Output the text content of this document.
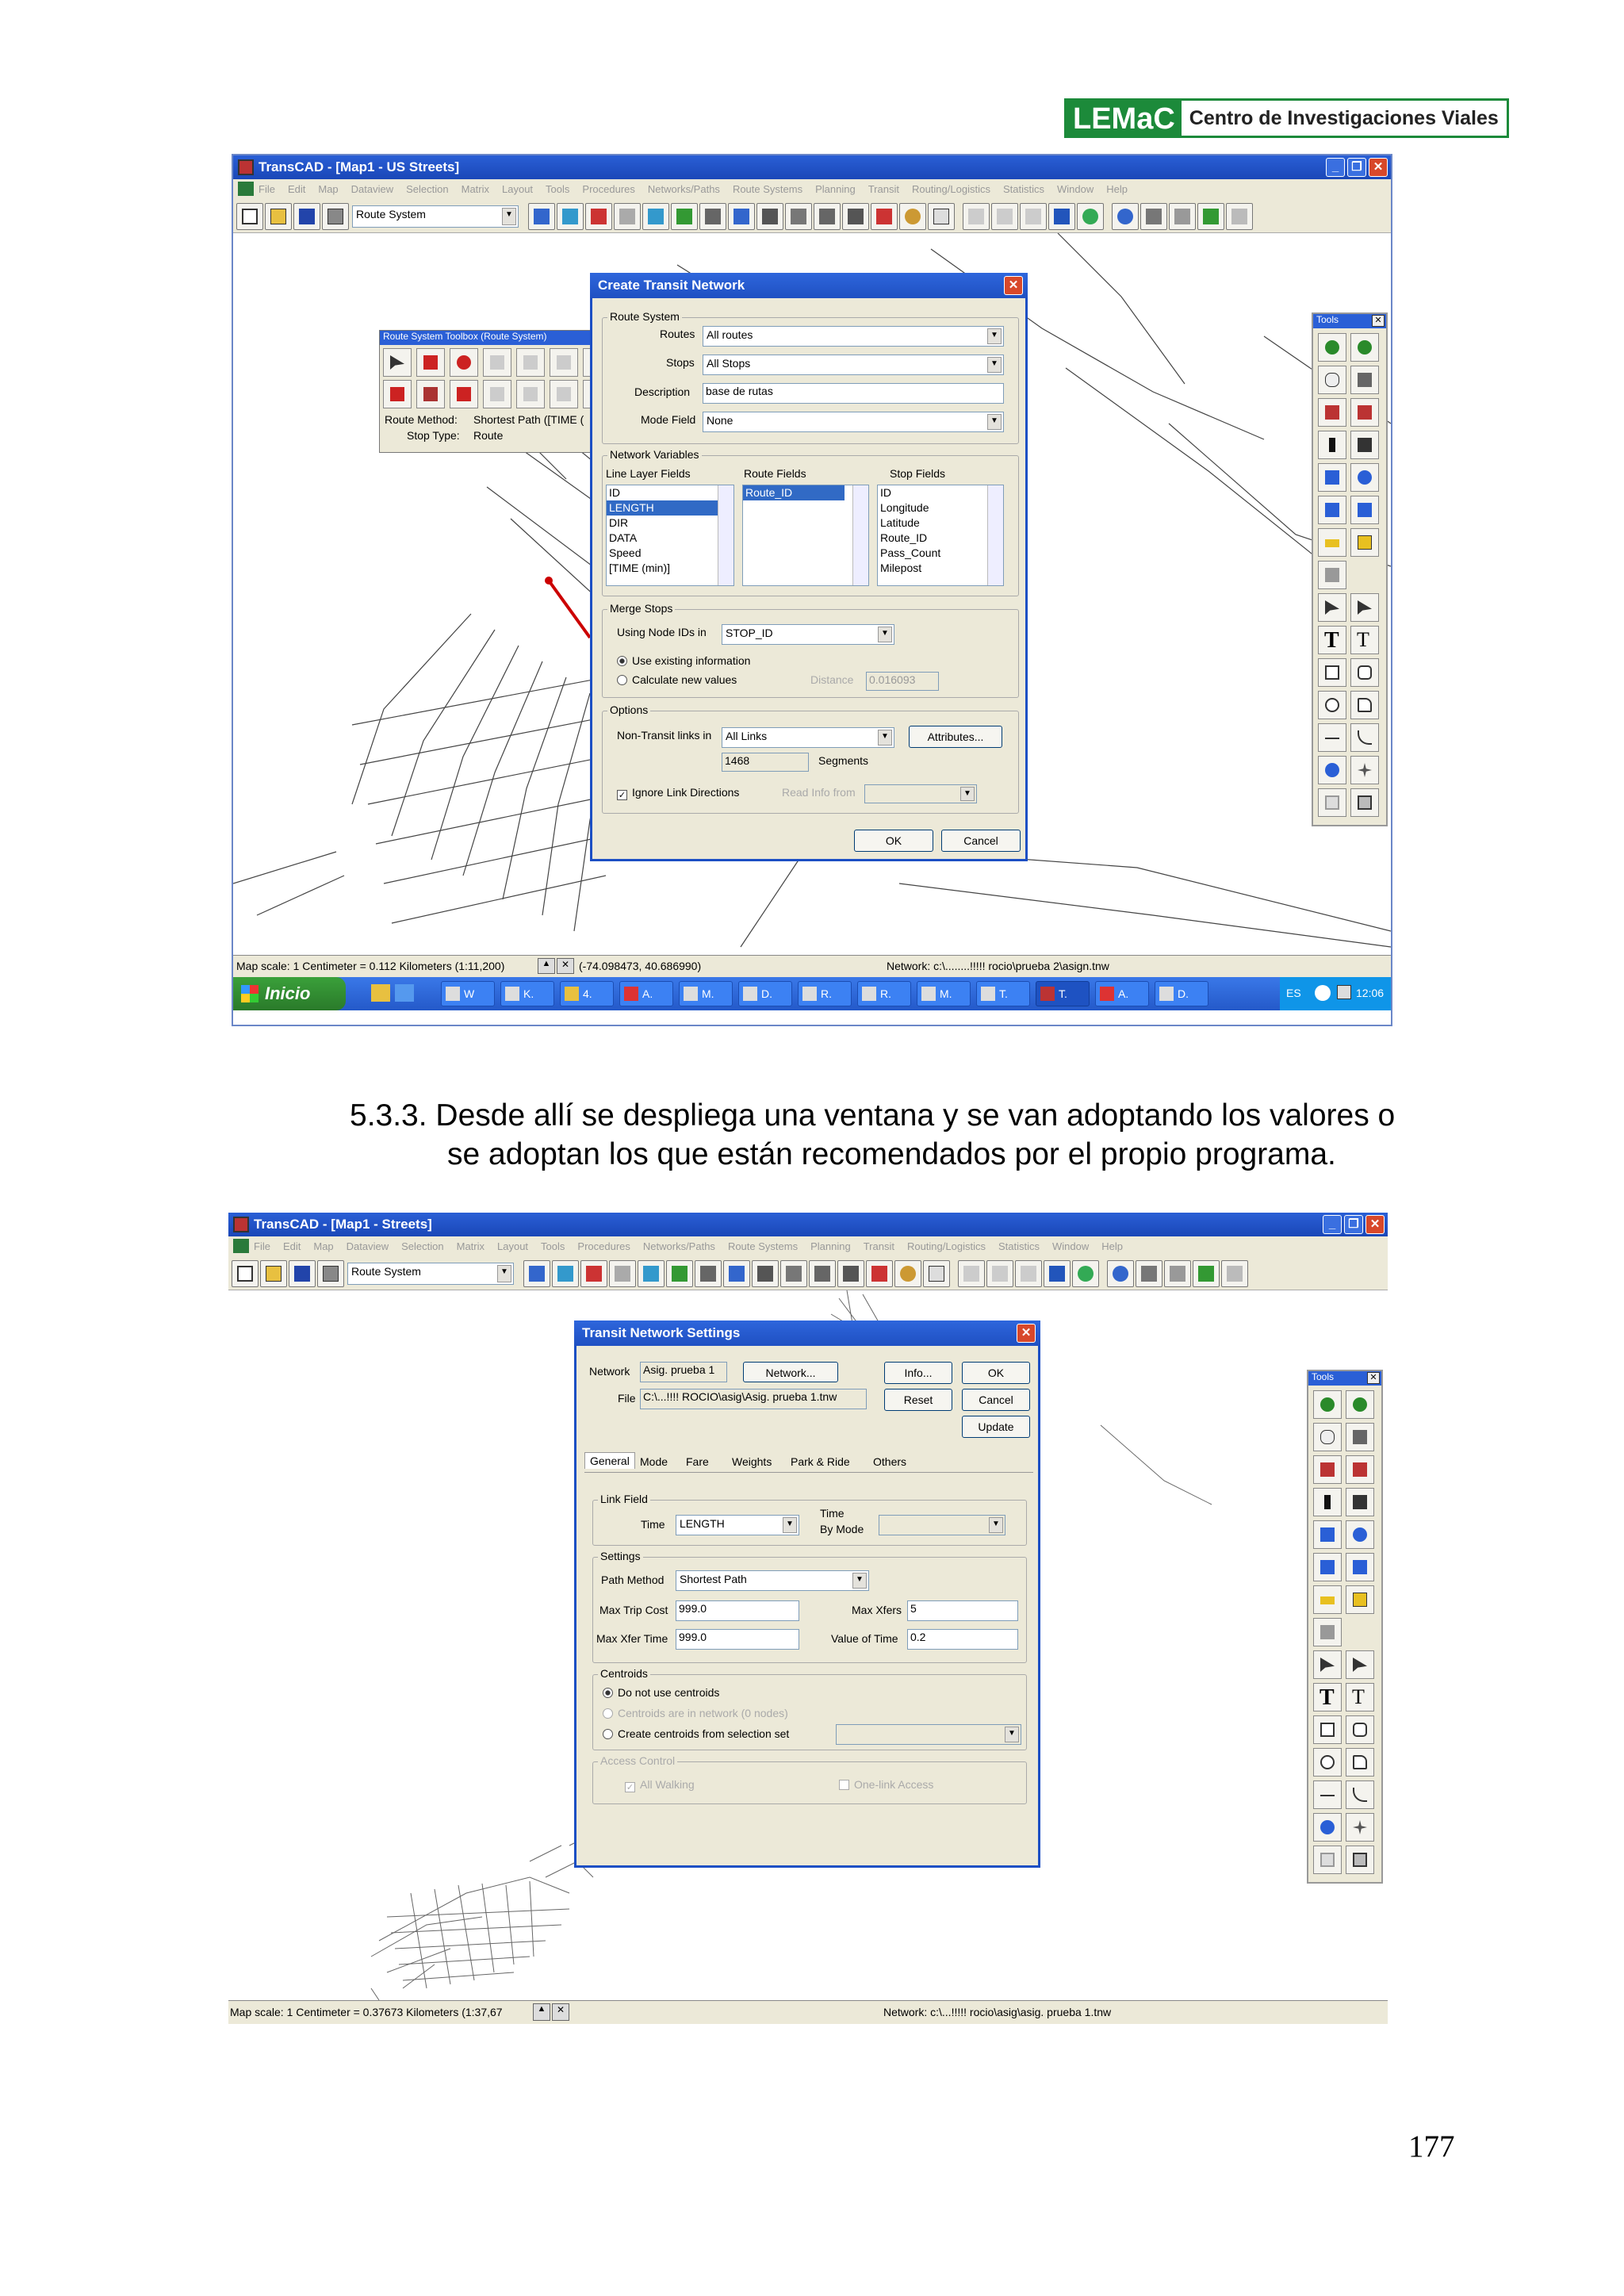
LEMaC Centro de Investigaciones Viales
TransCAD - [Map1 - US Streets]	_	❐ ✕
File Edit Map Dataview Selection Matrix Layout Tools Procedures Networks/Paths Route Systems Planning Transit Routing/Logistics Statistics Window Help
Route System	▼
Route System Toolbox (Route System)
Route Method: Shortest Path ([TIME (
Stop Type: Route
Tools	✕
T T
Create Transit Network	✕
Route System
Routes	All routes	▼
Stops	All Stops	▼
Description base de rutas
Mode Field None	▼
Network Variables
Line Layer Fields	Route Fields	Stop Fields
ID
LENGTH
DIR
DATA
Speed
[TIME (min)]
Route_ID	ID
Longitude
Latitude
Route_ID
Pass_Count
Milepost
Merge Stops
Using Node IDs in	STOP_ID	▼
Use existing information
Calculate new values	Distance 0.016093
Options
Non-Transit links in	All Links	▼	Attributes...
1468	Segments
✓ Ignore Link Directions	Read Info from	▼
OK	Cancel
Map scale: 1 Centimeter = 0.112 Kilometers (1:11,200)	▲	✕ (-74.098473, 40.686990)	Network: c:\........!!!!! rocio\prueba 2\asign.tnw
Inicio	W	K.	4.	A.	M.	D.	R.	R.	M.	T.	T.	A.	D.	ES	12:06
5.3.3. Desde allí se despliega una ventana y se van adoptando los valores o
se adoptan los que están recomendados por el propio programa.
TransCAD - [Map1 - Streets]	_	❐ ✕
File Edit Map Dataview Selection Matrix Layout Tools Procedures Networks/Paths Route Systems Planning Transit Routing/Logistics Statistics Window Help
Route System	▼
Tools	✕
T T
Transit Network Settings	✕
Network Asig. prueba 1	Network...
File C:\...!!!! ROCIO\asig\Asig. prueba 1.tnw
Info...	OK
Reset	Cancel
Update
General Mode Fare Weights Park & Ride Others
Link Field
Time	LENGTH	▼
Time
By Mode	▼
Settings
Path Method	Shortest Path	▼
Max Trip Cost 999.0	Max Xfers 5
Max Xfer Time 999.0	Value of Time 0.2
Centroids
Do not use centroids
Centroids are in network (0 nodes)
Create centroids from selection set	▼
Access Control
✓ All Walking	One-link Access
Map scale: 1 Centimeter = 0.37673 Kilometers (1:37,67	▲	✕	Network: c:\...!!!!! rocio\asig\asig. prueba 1.tnw
177
